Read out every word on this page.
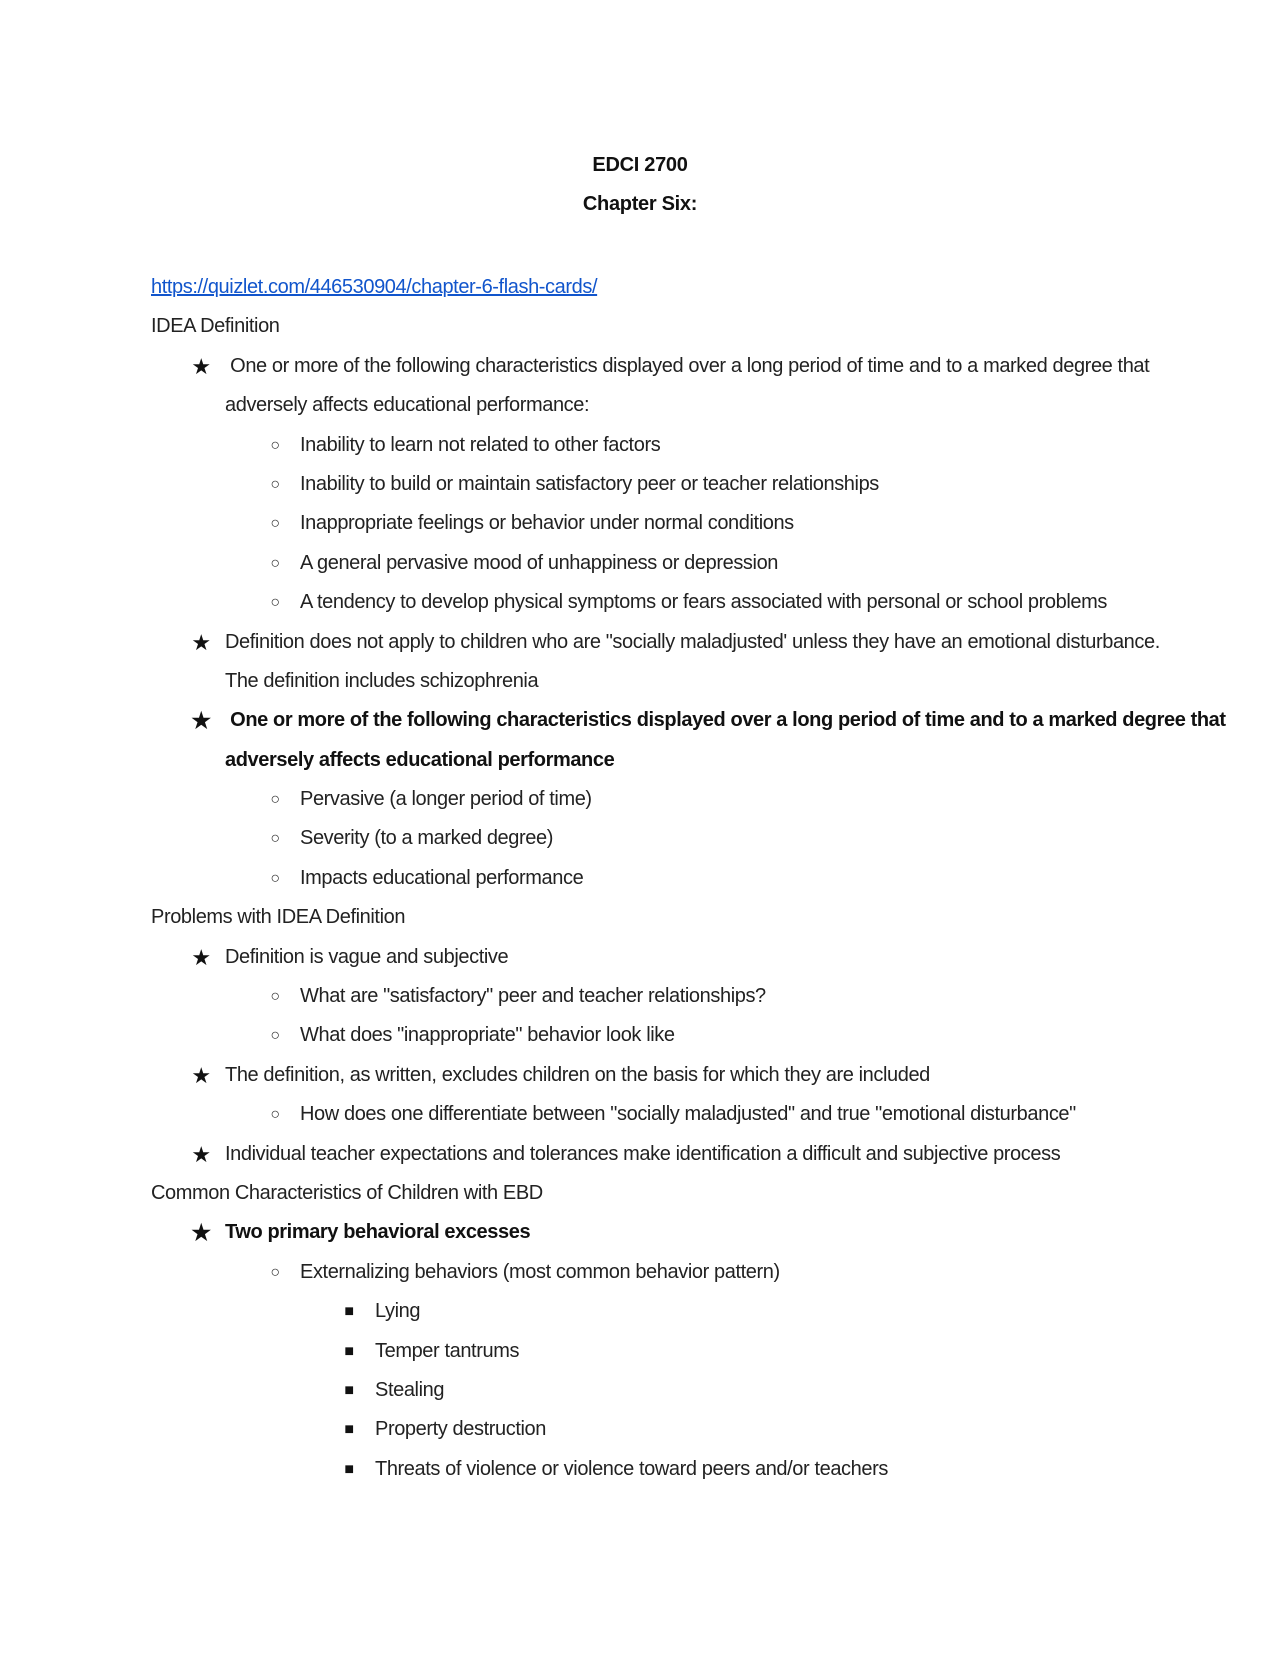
EDCI 2700
Chapter Six:
https://quizlet.com/446530904/chapter-6-flash-cards/
IDEA Definition
★ One or more of the following characteristics displayed over a long period of time and to a marked degree that
adversely affects educational performance:
○	Inability to learn not related to other factors
○	Inability to build or maintain satisfactory peer or teacher relationships
○	Inappropriate feelings or behavior under normal conditions
○	A general pervasive mood of unhappiness or depression
○	A tendency to develop physical symptoms or fears associated with personal or school problems
★ Definition does not apply to children who are "socially maladjusted' unless they have an emotional disturbance.
The definition includes schizophrenia
★ One or more of the following characteristics displayed over a long period of time and to a marked degree that
adversely affects educational performance
○	Pervasive (a longer period of time)
○	Severity (to a marked degree)
○	Impacts educational performance
Problems with IDEA Definition
★ Definition is vague and subjective
○	What are "satisfactory" peer and teacher relationships?
○	What does "inappropriate" behavior look like
★ The definition, as written, excludes children on the basis for which they are included
○	How does one differentiate between "socially maladjusted" and true "emotional disturbance"
★ Individual teacher expectations and tolerances make identification a difficult and subjective process
Common Characteristics of Children with EBD
★ Two primary behavioral excesses
○	Externalizing behaviors (most common behavior pattern)
■	Lying
■	Temper tantrums
■	Stealing
■	Property destruction
■	Threats of violence or violence toward peers and/or teachers
